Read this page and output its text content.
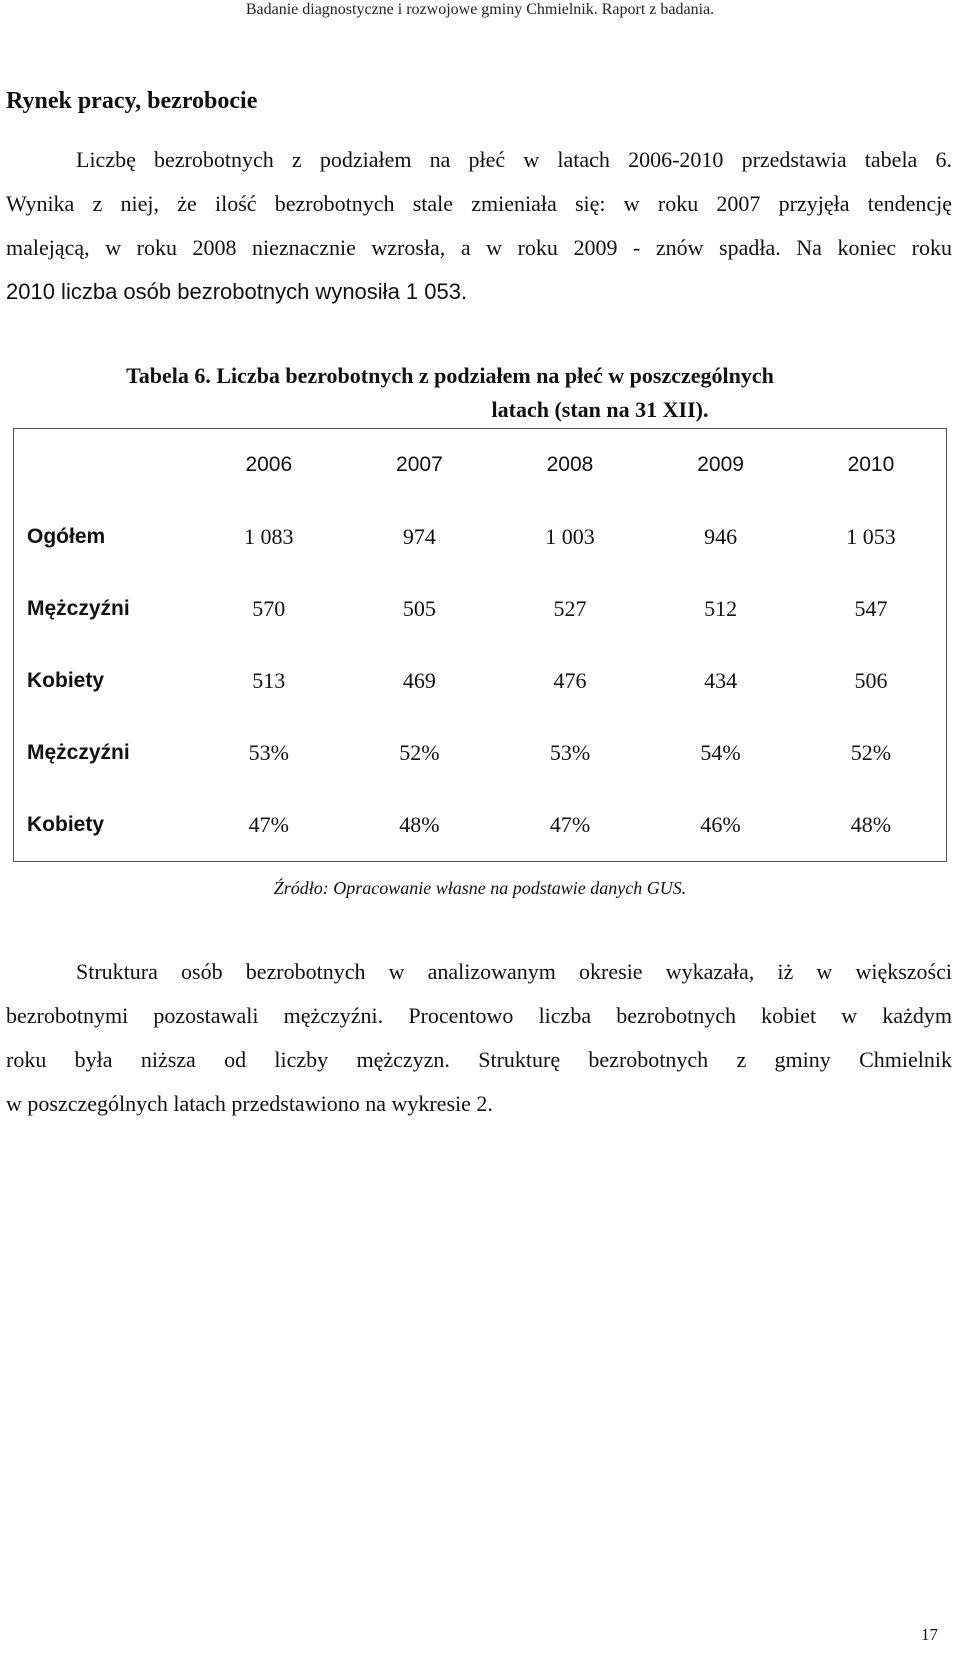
Badanie diagnostyczne i rozwojowe gminy Chmielnik. Raport z badania.
Rynek pracy, bezrobocie
Liczbę bezrobotnych z podziałem na płeć w latach 2006-2010 przedstawia tabela 6.
Wynika z niej, że ilość bezrobotnych stale zmieniała się: w roku 2007 przyjęła tendencję
malejącą, w roku 2008 nieznacznie wzrosła, a w roku 2009 - znów spadła. Na koniec roku
2010 liczba osób bezrobotnych wynosiła 1 053.

Tabela 6. Liczba bezrobotnych z podziałem na płeć w poszczególnych

latach (stan na 31 XII).

	2006	2007	2008	2009	2010
Ogółem	1 083	974	1 003	946	1 053
Mężczyźni	570	505	527	512	547
Kobiety	513	469	476	434	506
Mężczyźni	53%	52%	53%	54%	52%
Kobiety	47%	48%	47%	46%	48%

Źródło: Opracowanie własne na podstawie danych GUS.

Struktura osób bezrobotnych w analizowanym okresie wykazała, iż w większości
bezrobotnymi pozostawali mężczyźni. Procentowo liczba bezrobotnych kobiet w każdym
roku była niższa od liczby mężczyzn. Strukturę bezrobotnych z gminy Chmielnik
w poszczególnych latach przedstawiono na wykresie 2.
17
